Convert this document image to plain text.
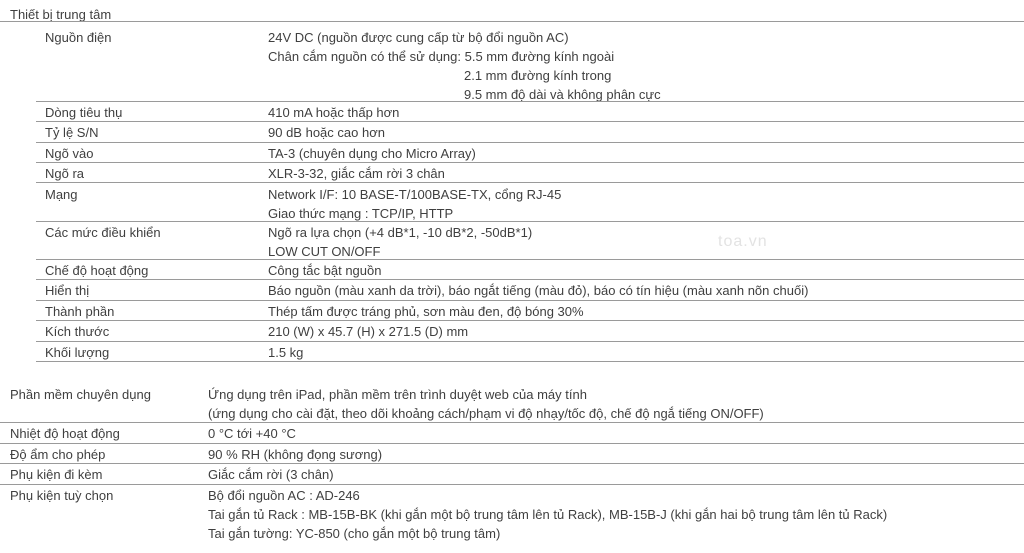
Thiết bị trung tâm
toa.vn
Nguồn điện	24V DC (nguồn được cung cấp từ bộ đổi nguồn AC)
Chân cắm nguồn có thể sử dụng: 5.5 mm đường kính ngoài
2.1 mm đường kính trong
9.5 mm độ dài và không phân cực
Dòng tiêu thụ	410 mA hoặc thấp hơn
Tỷ lệ S/N	90 dB hoặc cao hơn
Ngõ vào	TA-3 (chuyên dụng cho Micro Array)
Ngõ ra	XLR-3-32, giắc cắm rời 3 chân
Mạng	Network I/F: 10 BASE-T/100BASE-TX, cổng RJ-45
Giao thức mạng : TCP/IP, HTTP
Các mức điều khiển	Ngõ ra lựa chọn (+4 dB*1, -10 dB*2, -50dB*1)
LOW CUT ON/OFF
Chế độ hoạt động	Công tắc bật nguồn
Hiển thị	Báo nguồn (màu xanh da trời), báo ngắt tiếng (màu đỏ), báo có tín hiệu (màu xanh nõn chuối)
Thành phần	Thép tấm được tráng phủ, sơn màu đen, độ bóng 30%
Kích thước	210 (W) x 45.7 (H) x 271.5 (D) mm
Khối lượng	1.5 kg
Phần mềm chuyên dụng	Ứng dụng trên iPad, phần mềm trên trình duyệt web của máy tính
(ứng dụng cho cài đặt, theo dõi khoảng cách/phạm vi độ nhạy/tốc độ, chế độ ngắ tiếng ON/OFF)
Nhiệt độ hoạt động	0 °C tới +40 °C
Độ ẩm cho phép	90 % RH (không đọng sương)
Phụ kiện đi kèm	Giắc cắm rời (3 chân)
Phụ kiện tuỳ chọn	Bộ đổi nguồn AC : AD-246
Tai gắn tủ Rack : MB-15B-BK (khi gắn một bộ trung tâm lên tủ Rack), MB-15B-J (khi gắn hai bộ trung tâm lên tủ Rack)
Tai gắn tường: YC-850 (cho gắn một bộ trung tâm)
